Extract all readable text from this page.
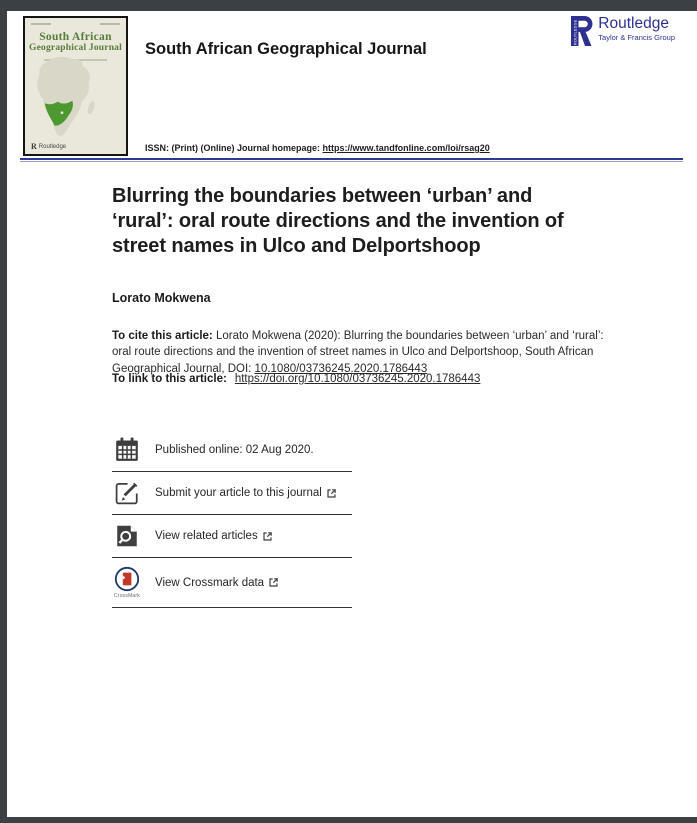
South African
Geographical Journal
R Routledge
ROUTLEDGE Routledge
Taylor & Francis Group
South African Geographical Journal
ISSN: (Print) (Online) Journal homepage: https://www.tandfonline.com/loi/rsag20
Blurring the boundaries between ‘urban’ and
‘rural’: oral route directions and the invention of
street names in Ulco and Delportshoop
Lorato Mokwena
To cite this article: Lorato Mokwena (2020): Blurring the boundaries between ‘urban’ and ‘rural’: oral route directions and the invention of street names in Ulco and Delportshoop, South African Geographical Journal, DOI: 10.1080/03736245.2020.1786443
To link to this article: https://doi.org/10.1080/03736245.2020.1786443
Published online: 02 Aug 2020.
Submit your article to this journal
View related articles
CrossMark
View Crossmark data
